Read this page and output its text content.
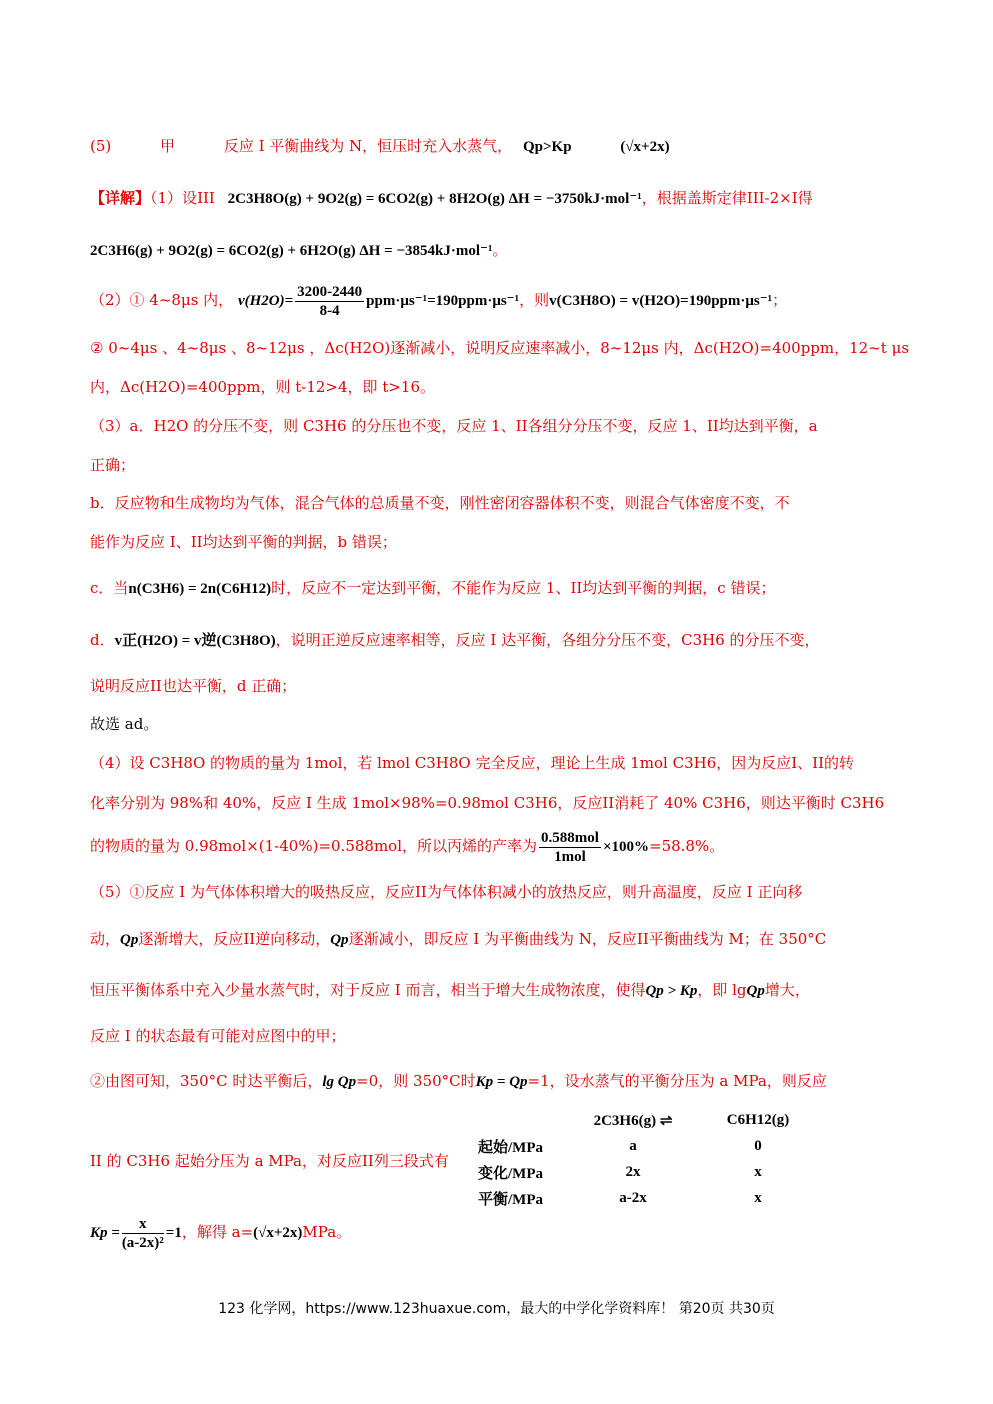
(5)	甲	反应 I 平衡曲线为 N，恒压时充入水蒸气， Qp>Kp	(√x+2x)
【详解】（1）设III 2C3H8O(g) + 9O2(g) = 6CO2(g) + 8H2O(g) ΔH = −3750kJ·mol⁻¹，根据盖斯定律III-2×I得
2C3H6(g) + 9O2(g) = 6CO2(g) + 6H2O(g) ΔH = −3854kJ·mol⁻¹。
（2）① 4~8μs 内， $v(H2O)= \frac{3200-2440}{8-4} ppm\cdot\mu s^{-1}=190ppm\cdot\mu s^{-1}$，则v(C3H8O) = v(H2O)=190ppm·μs⁻¹；
② 0~4μs 、4~8μs 、8~12μs ，Δc(H2O)逐渐减小，说明反应速率减小，8~12μs 内，Δc(H2O)=400ppm，12~t μs
内，Δc(H2O)=400ppm，则 t-12>4，即 t>16。
（3）a．H2O 的分压不变，则 C3H6 的分压也不变，反应 1、II各组分分压不变，反应 1、II均达到平衡，a
正确；
b．反应物和生成物均为气体，混合气体的总质量不变，刚性密闭容器体积不变，则混合气体密度不变，不
能作为反应 I、II均达到平衡的判据，b 错误；
c．当n(C3H6) = 2n(C6H12)时，反应不一定达到平衡，不能作为反应 1、II均达到平衡的判据，c 错误；
d．v正(H2O) = v逆(C3H8O)，说明正逆反应速率相等，反应 I 达平衡，各组分分压不变，C3H6 的分压不变，
说明反应II也达平衡，d 正确；
故选 ad。
（4）设 C3H8O 的物质的量为 1mol，若 lmol C3H8O 完全反应，理论上生成 1mol C3H6，因为反应I、II的转
化率分别为 98%和 40%，反应 I 生成 1mol×98%=0.98mol C3H6，反应II消耗了 40% C3H6，则达平衡时 C3H6
的物质的量为 0.98mol×(1-40%)=0.588mol，所以丙烯的产率为 $\frac{\text{0.588mol}}{\text{1mol}} \times 100\%=58.8\%$。
（5）①反应 I 为气体体积增大的吸热反应，反应II为气体体积减小的放热反应，则升高温度，反应 I 正向移
动，Qp逐渐增大，反应II逆向移动，Qp逐渐减小，即反应 I 为平衡曲线为 N，反应II平衡曲线为 M；在 350°C
恒压平衡体系中充入少量水蒸气时，对于反应 I 而言，相当于增大生成物浓度，使得Qp > Kp，即 lgQp增大，
反应 I 的状态最有可能对应图中的甲；
②由图可知，350°C 时达平衡后，lg Qp=0，则 350°C时Kp = Qp=1，设水蒸气的平衡分压为 a MPa，则反应
II 的 C3H6 起始分压为 a MPa，对反应II列三段式有
	2C3H6(g) ⇌	C6H12(g)
起始/MPa	a	0
变化/MPa	2x	x
平衡/MPa	a-2x	x
$Kp = \frac{x}{\text{(a-2x)²}} =1$，解得 a=(√x+2x)MPa。
123 化学网，https://www.123huaxue.com，最大的中学化学资料库！ 第20页 共30页
